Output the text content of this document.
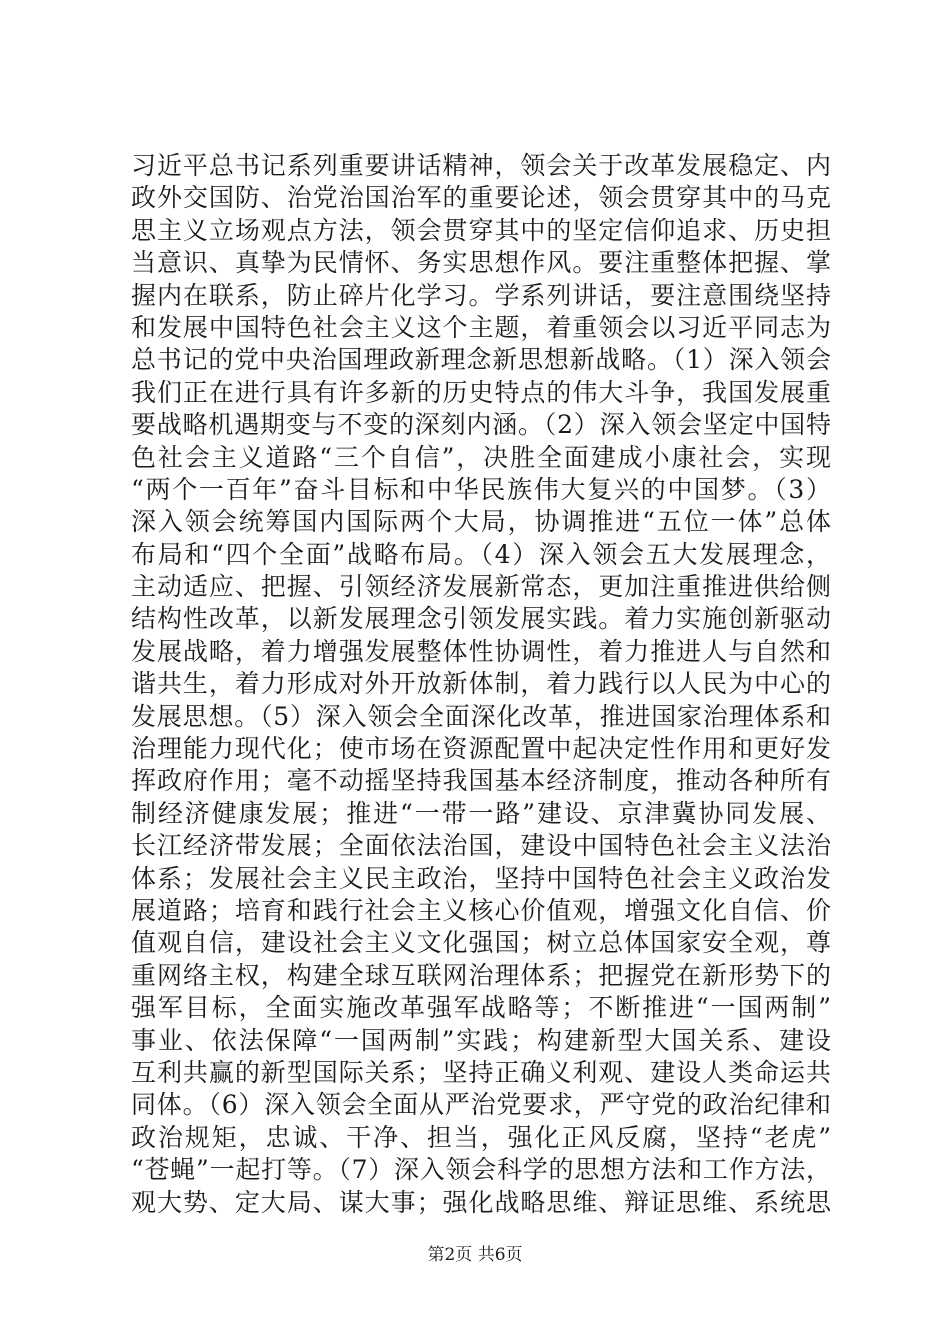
习近平总书记系列重要讲话精神，领会关于改革发展稳定、内
政外交国防、治党治国治军的重要论述，领会贯穿其中的马克
思主义立场观点方法，领会贯穿其中的坚定信仰追求、历史担
当意识、真挚为民情怀、务实思想作风。要注重整体把握、掌
握内在联系，防止碎片化学习。学系列讲话，要注意围绕坚持
和发展中国特色社会主义这个主题，着重领会以习近平同志为
总书记的党中央治国理政新理念新思想新战略。（1）深入领会
我们正在进行具有许多新的历史特点的伟大斗争，我国发展重
要战略机遇期变与不变的深刻内涵。（2）深入领会坚定中国特
色社会主义道路“三个自信”，决胜全面建成小康社会，实现
“两个一百年”奋斗目标和中华民族伟大复兴的中国梦。（3）
深入领会统筹国内国际两个大局，协调推进“五位一体”总体
布局和“四个全面”战略布局。（4）深入领会五大发展理念，
主动适应、把握、引领经济发展新常态，更加注重推进供给侧
结构性改革，以新发展理念引领发展实践。着力实施创新驱动
发展战略，着力增强发展整体性协调性，着力推进人与自然和
谐共生，着力形成对外开放新体制，着力践行以人民为中心的
发展思想。（5）深入领会全面深化改革，推进国家治理体系和
治理能力现代化；使市场在资源配置中起决定性作用和更好发
挥政府作用；毫不动摇坚持我国基本经济制度，推动各种所有
制经济健康发展；推进“一带一路”建设、京津冀协同发展、
长江经济带发展；全面依法治国，建设中国特色社会主义法治
体系；发展社会主义民主政治，坚持中国特色社会主义政治发
展道路；培育和践行社会主义核心价值观，增强文化自信、价
值观自信，建设社会主义文化强国；树立总体国家安全观，尊
重网络主权，构建全球互联网治理体系；把握党在新形势下的
强军目标，全面实施改革强军战略等；不断推进“一国两制”
事业、依法保障“一国两制”实践；构建新型大国关系、建设
互利共赢的新型国际关系；坚持正确义利观、建设人类命运共
同体。（6）深入领会全面从严治党要求，严守党的政治纪律和
政治规矩，忠诚、干净、担当，强化正风反腐，坚持“老虎”
“苍蝇”一起打等。（7）深入领会科学的思想方法和工作方法，
观大势、定大局、谋大事；强化战略思维、辩证思维、系统思
第2页 共6页
